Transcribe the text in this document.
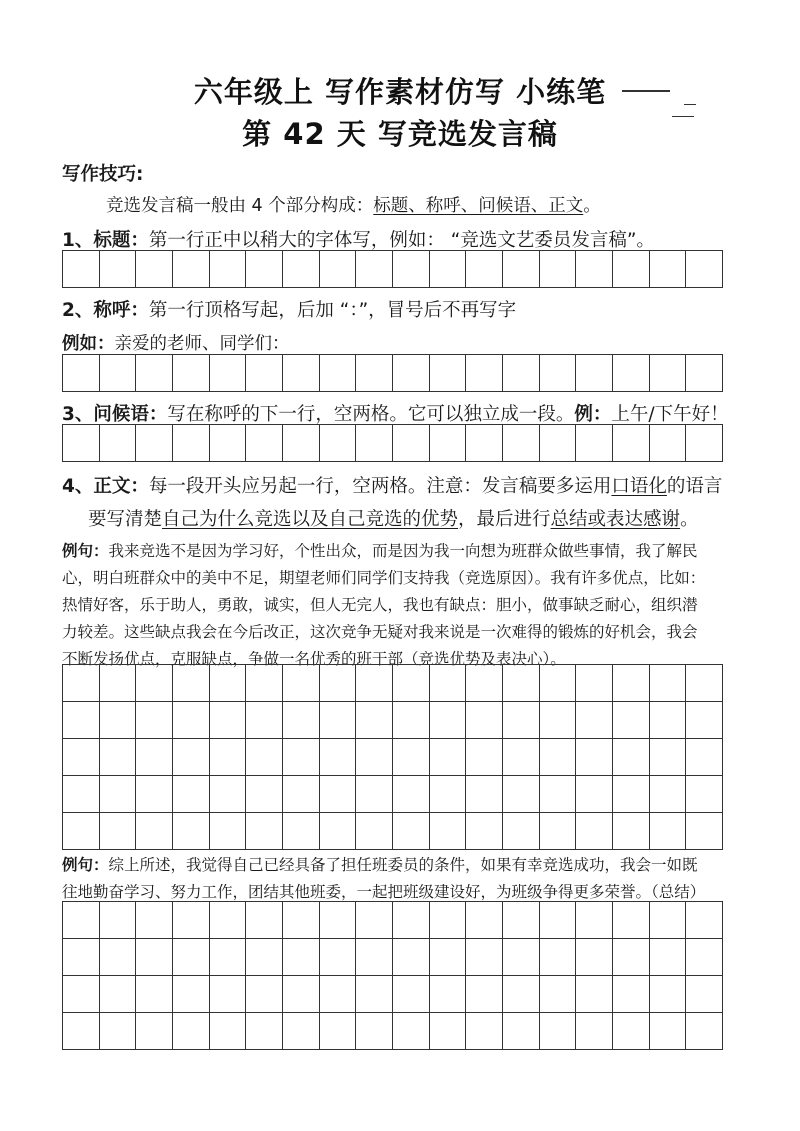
六年级上 写作素材仿写 小练笔
第 42 天 写竞选发言稿
写作技巧:
竞选发言稿一般由 4 个部分构成：标题、称呼、问候语、正文。
1、标题：第一行正中以稍大的字体写，例如： “竞选文艺委员发言稿”。
2、称呼：第一行顶格写起，后加 “：”，冒号后不再写字
例如：亲爱的老师、同学们：
3、问候语：写在称呼的下一行，空两格。它可以独立成一段。例：上午/下午好！
4、正文：每一段开头应另起一行，空两格。注意：发言稿要多运用口语化的语言
要写清楚自己为什么竞选以及自己竞选的优势，最后进行总结或表达感谢。
例句：我来竞选不是因为学习好，个性出众，而是因为我一向想为班群众做些事情，我了解民
心，明白班群众中的美中不足，期望老师们同学们支持我（竞选原因）。我有许多优点，比如：
热情好客，乐于助人，勇敢，诚实，但人无完人，我也有缺点：胆小，做事缺乏耐心，组织潜
力较差。这些缺点我会在今后改正，这次竞争无疑对我来说是一次难得的锻炼的好机会，我会
不断发扬优点，克服缺点，争做一名优秀的班干部（竞选优势及表决心）。
例句：综上所述，我觉得自己已经具备了担任班委员的条件，如果有幸竞选成功，我会一如既
往地勤奋学习、努力工作，团结其他班委，一起把班级建设好，为班级争得更多荣誉。（总结）
